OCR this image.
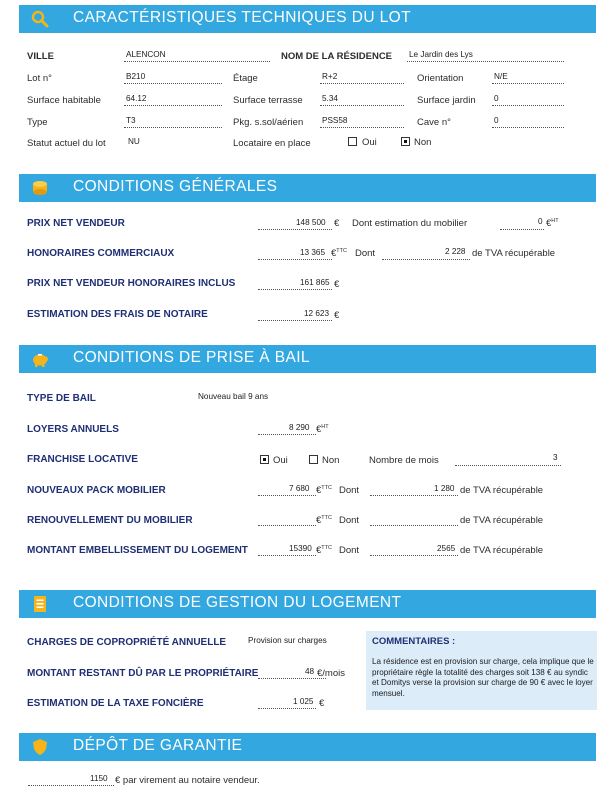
CARACTÉRISTIQUES TECHNIQUES DU LOT
VILLE	ALENCON	NOM DE LA RÉSIDENCE Le Jardin des Lys
Lot n°	B210	Étage	R+2	Orientation	N/E
Surface habitable	64.12	Surface terrasse 5.34	Surface jardin 0
Type	T3	Pkg. s.sol/aérien PSS58	Cave n°	0
Statut actuel du lot	NU	Locataire en place	Oui	Non
CONDITIONS GÉNÉRALES
PRIX NET VENDEUR	148 500 € Dont estimation du mobilier	0 €$^{HT}$
HONORAIRES COMMERCIAUX	13 365 €$^{TTC}$ Dont	2 228 de TVA récupérable
PRIX NET VENDEUR HONORAIRES INCLUS	161 865 €
ESTIMATION DES FRAIS DE NOTAIRE	12 623 €
CONDITIONS DE PRISE À BAIL
TYPE DE BAIL	Nouveau bail 9 ans
LOYERS ANNUELS	8 290 €$^{HT}$
FRANCHISE LOCATIVE	Oui	Non	Nombre de mois	3
NOUVEAUX PACK MOBILIER	7 680 €$^{TTC}$ Dont	1 280 de TVA récupérable
RENOUVELLEMENT DU MOBILIER	€$^{TTC}$ Dont	de TVA récupérable
MONTANT EMBELLISSEMENT DU LOGEMENT	15390 €$^{TTC}$ Dont	2565 de TVA récupérable
CONDITIONS DE GESTION DU LOGEMENT
CHARGES DE COPROPRIÉTÉ ANNUELLE	Provision sur charges
MONTANT RESTANT DÛ PAR LE PROPRIÉTAIRE	48 €/mois
ESTIMATION DE LA TAXE FONCIÈRE	1 025 €
COMMENTAIRES :
La résidence est en provision sur charge, cela implique que le propriétaire règle la totalité des charges soit 138 € au syndic et Domitys verse la provision sur charge de 90 € avec le loyer mensuel.
DÉPÔT DE GARANTIE
1150 € par virement au notaire vendeur.
